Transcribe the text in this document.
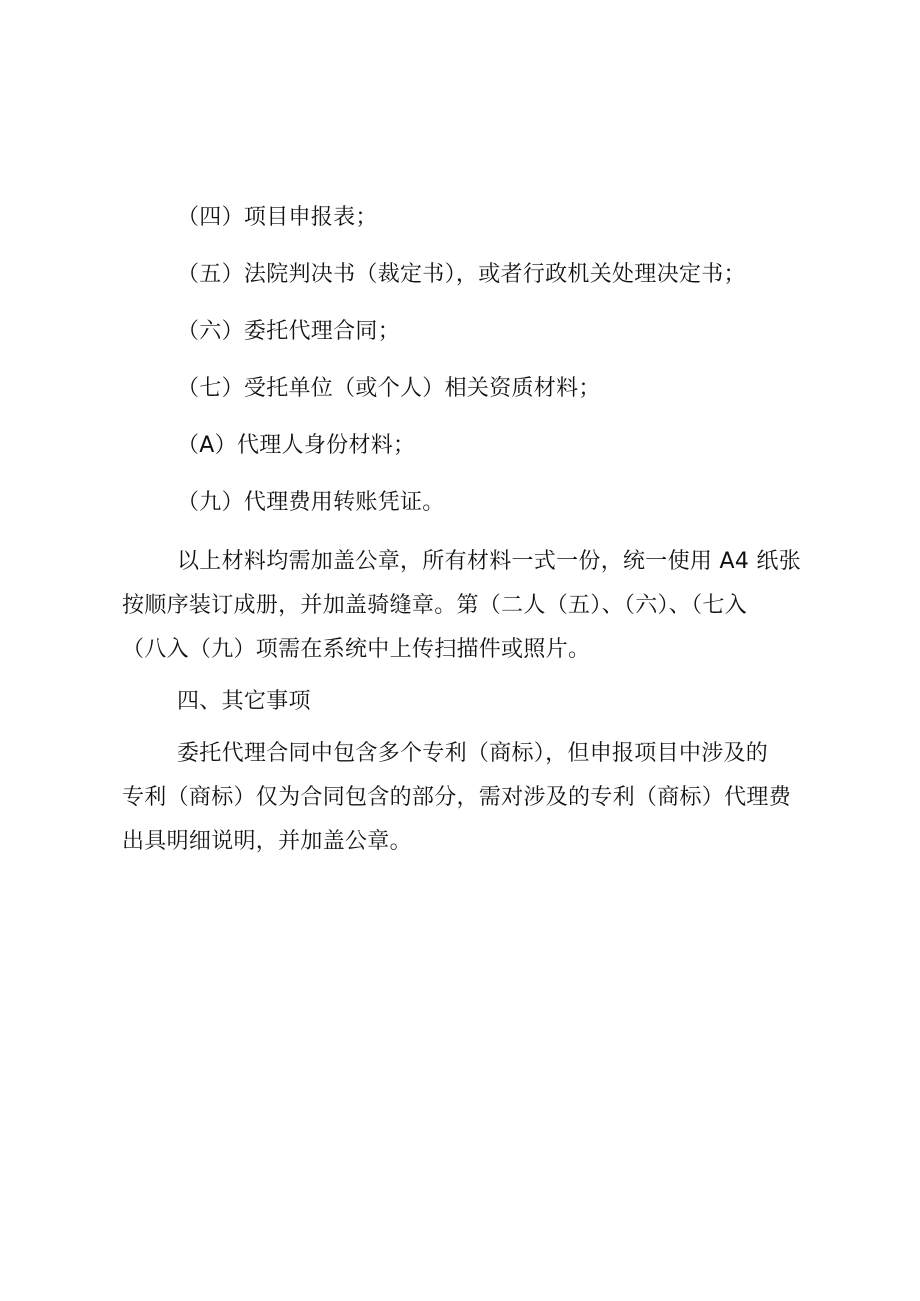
（四）项目申报表；

（五）法院判决书（裁定书），或者行政机关处理决定书；

（六）委托代理合同；

（七）受托单位（或个人）相关资质材料；

（A）代理人身份材料；

（九）代理费用转账凭证。

以上材料均需加盖公章，所有材料一式一份，统一使用 A4 纸张

按顺序装订成册，并加盖骑缝章。第（二人（五）、（六）、（七入

（八入（九）项需在系统中上传扫描件或照片。

四、其它事项

委托代理合同中包含多个专利（商标），但申报项目中涉及的

专利（商标）仅为合同包含的部分，需对涉及的专利（商标）代理费

出具明细说明，并加盖公章。
